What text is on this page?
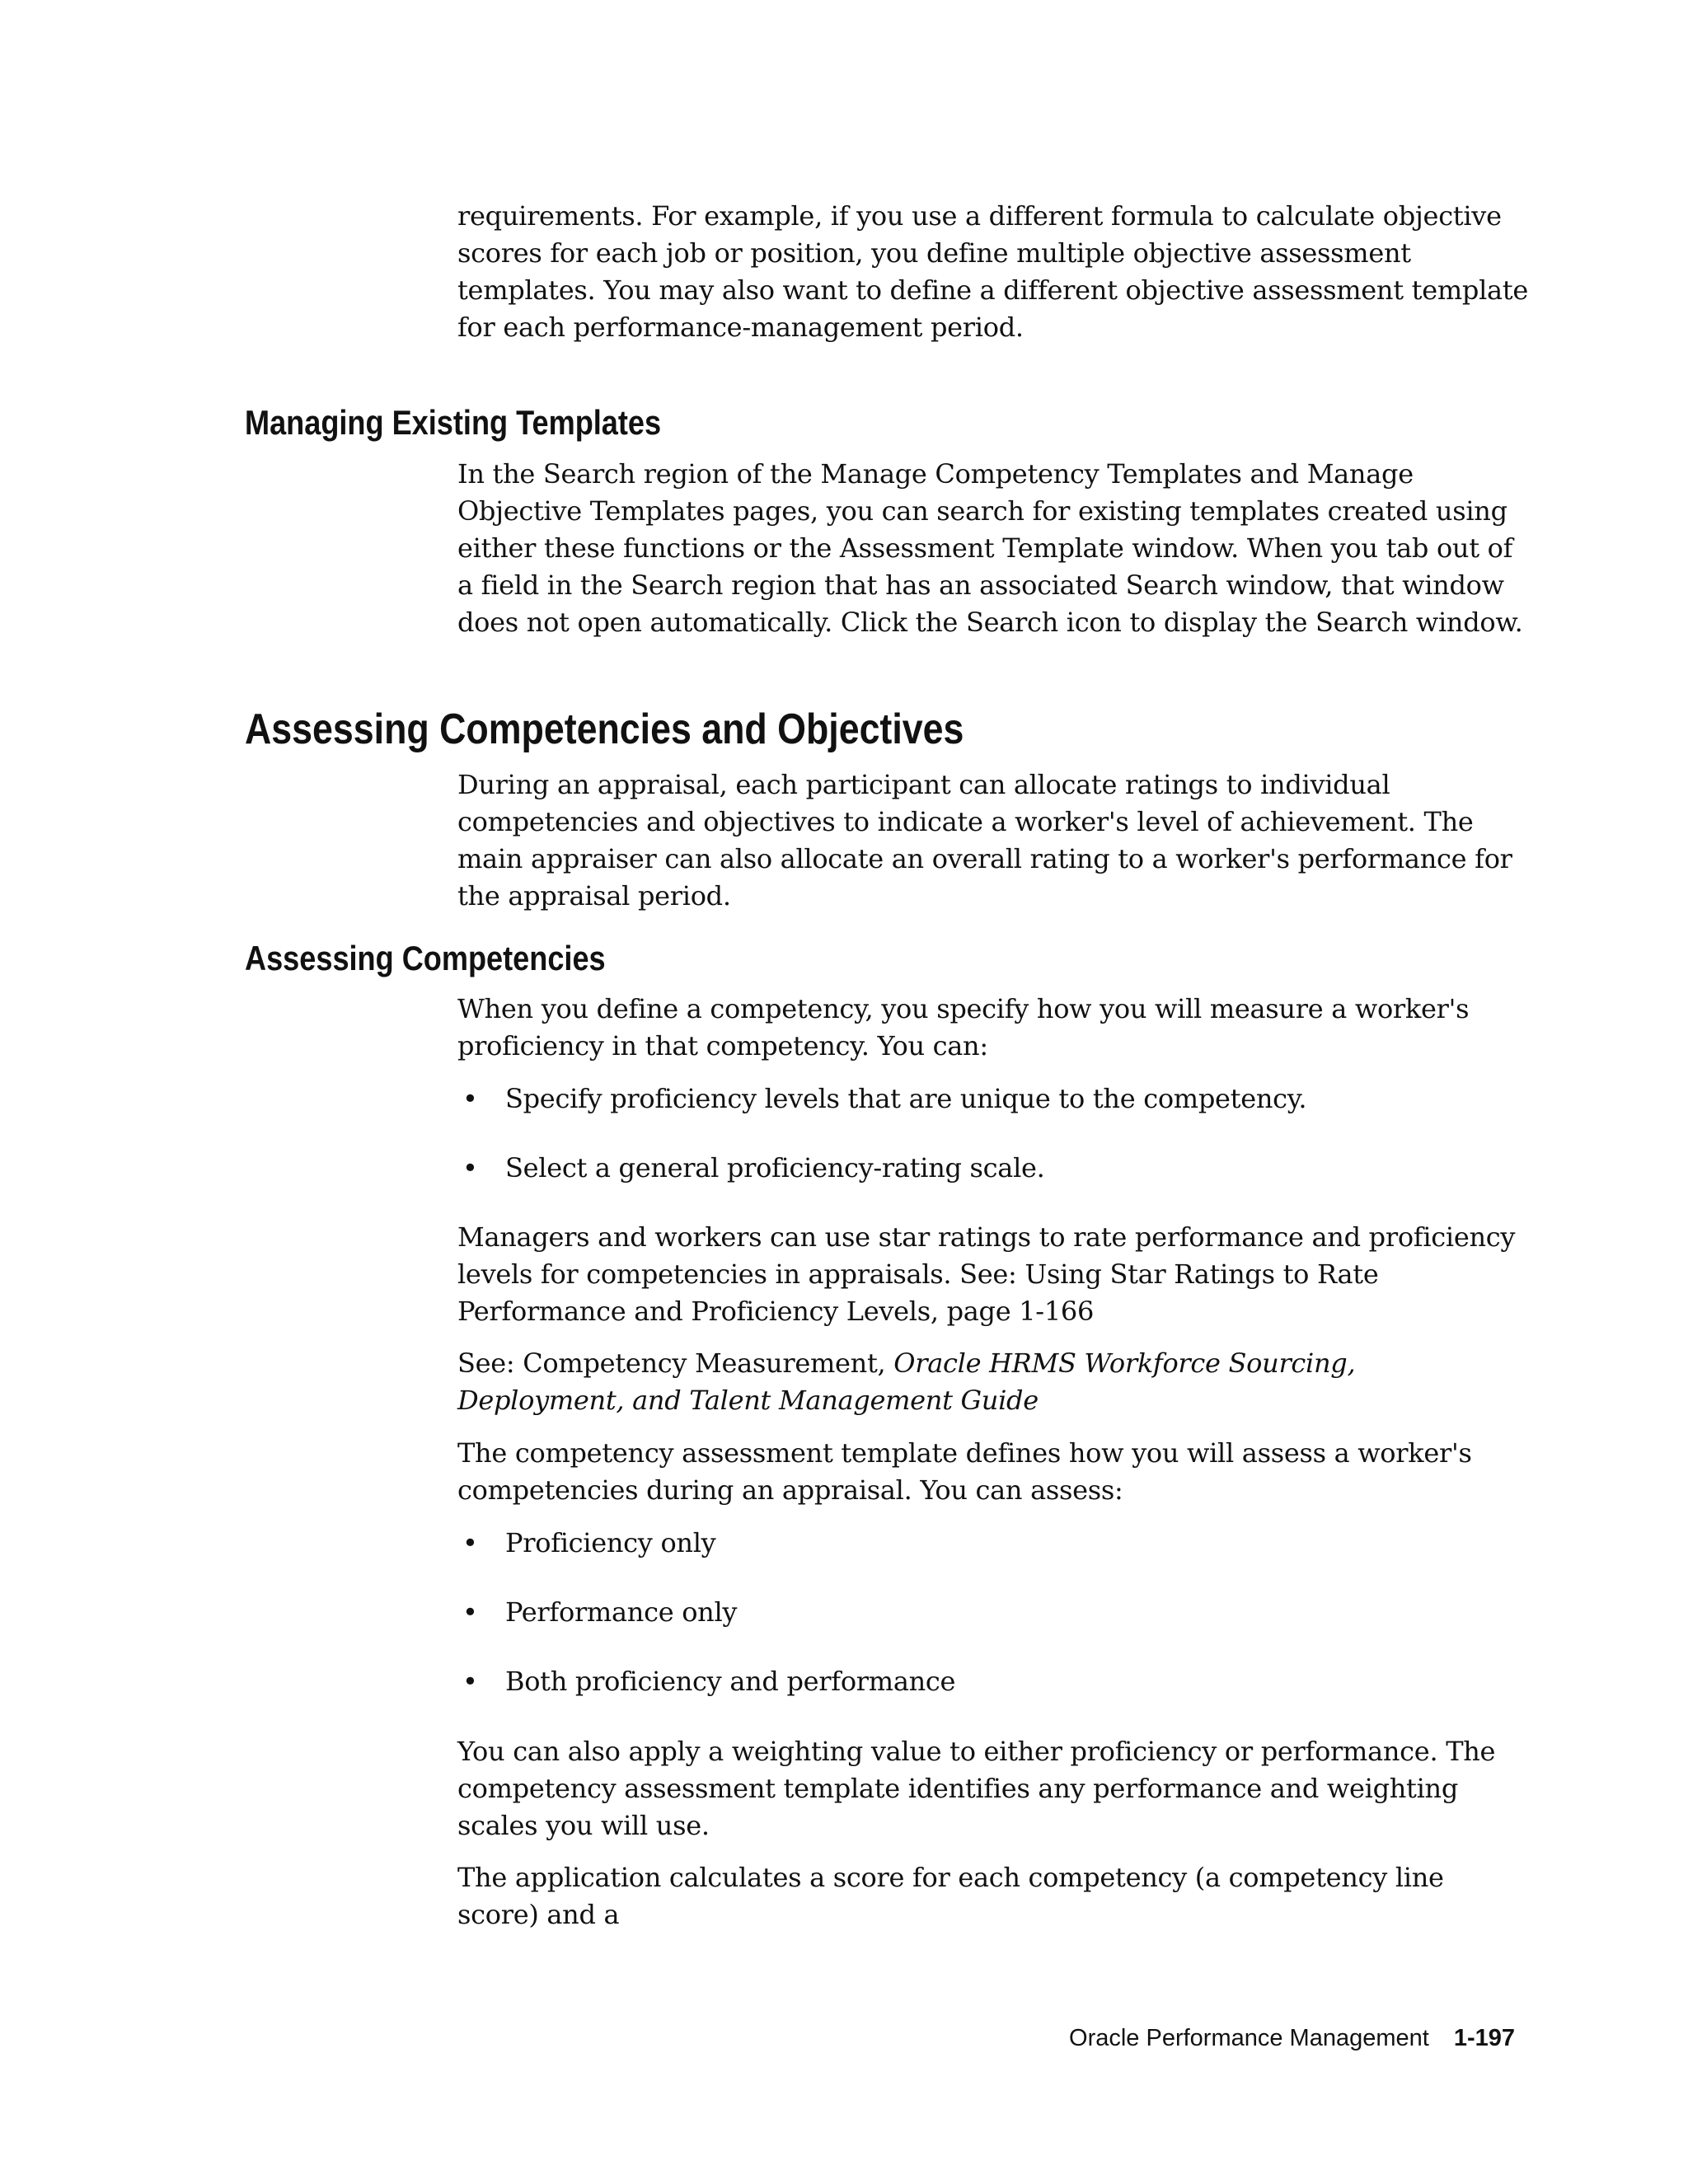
requirements. For example, if you use a different formula to calculate objective scores for each job or position, you define multiple objective assessment templates. You may also want to define a different objective assessment template for each performance-management period.

Managing Existing Templates

In the Search region of the Manage Competency Templates and Manage Objective Templates pages, you can search for existing templates created using either these functions or the Assessment Template window. When you tab out of a field in the Search region that has an associated Search window, that window does not open automatically. Click the Search icon to display the Search window.

Assessing Competencies and Objectives

During an appraisal, each participant can allocate ratings to individual competencies and objectives to indicate a worker's level of achievement. The main appraiser can also allocate an overall rating to a worker's performance for the appraisal period.

Assessing Competencies

When you define a competency, you specify how you will measure a worker's proficiency in that competency. You can:

• Specify proficiency levels that are unique to the competency.
• Select a general proficiency-rating scale.

Managers and workers can use star ratings to rate performance and proficiency levels for competencies in appraisals. See: Using Star Ratings to Rate Performance and Proficiency Levels, page 1-166

See: Competency Measurement, Oracle HRMS Workforce Sourcing, Deployment, and Talent Management Guide

The competency assessment template defines how you will assess a worker's competencies during an appraisal. You can assess:

• Proficiency only
• Performance only
• Both proficiency and performance

You can also apply a weighting value to either proficiency or performance. The competency assessment template identifies any performance and weighting scales you will use.

The application calculates a score for each competency (a competency line score) and a

Oracle Performance Management 1-197
